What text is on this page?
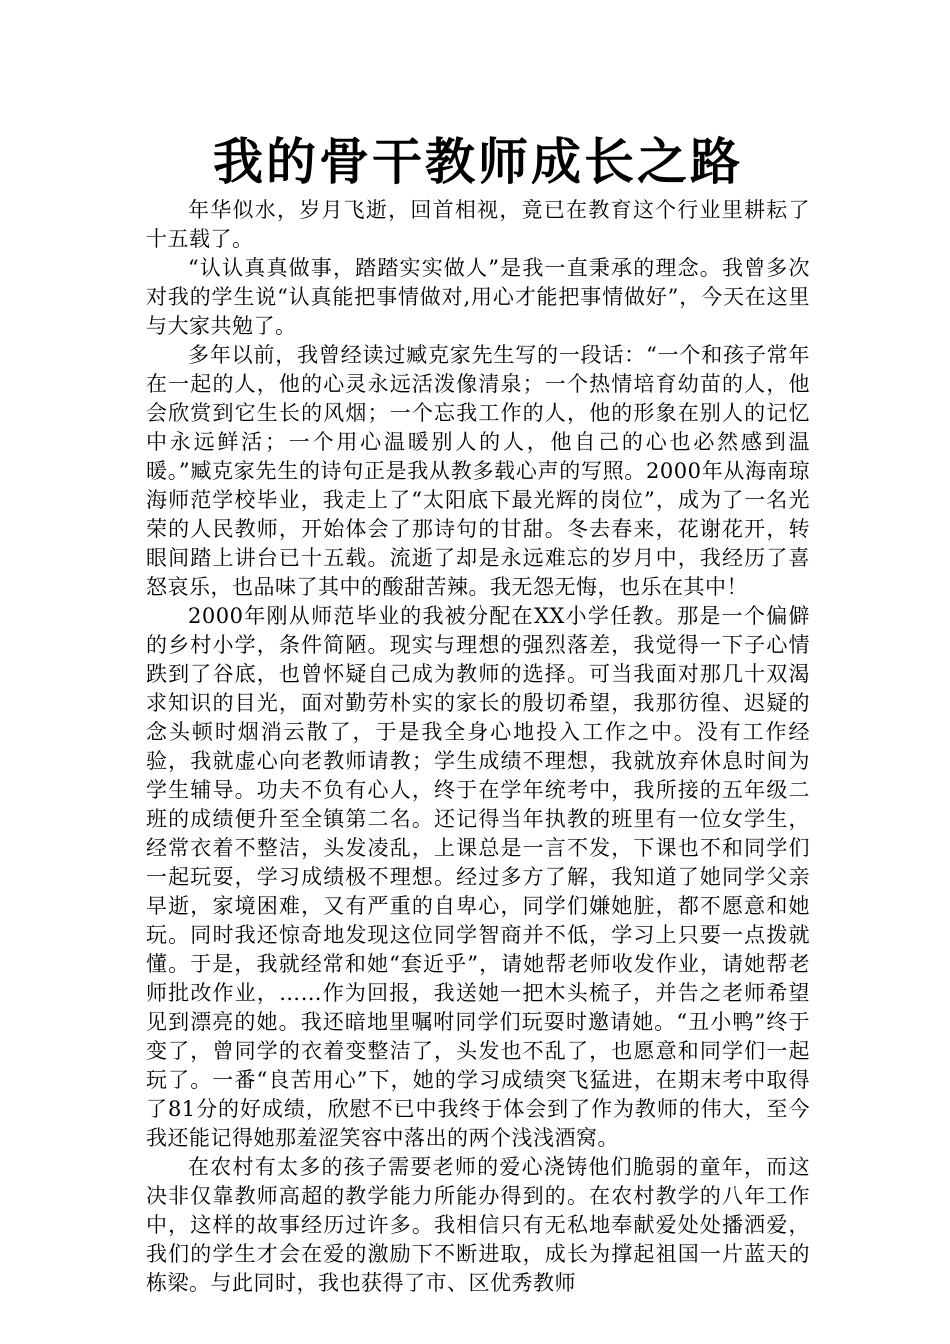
我的骨干教师成长之路

年华似水，岁月飞逝，回首相视，竟已在教育这个行业里耕耘了十五载了。

“认认真真做事，踏踏实实做人”是我一直秉承的理念。我曾多次对我的学生说“认真能把事情做对,用心才能把事情做好”，今天在这里与大家共勉了。

多年以前，我曾经读过臧克家先生写的一段话：“一个和孩子常年在一起的人，他的心灵永远活泼像清泉；一个热情培育幼苗的人，他会欣赏到它生长的风烟；一个忘我工作的人，他的形象在别人的记忆中永远鲜活；一个用心温暖别人的人，他自己的心也必然感到温暖。”臧克家先生的诗句正是我从教多载心声的写照。2000年从海南琼海师范学校毕业，我走上了“太阳底下最光辉的岗位”，成为了一名光荣的人民教师，开始体会了那诗句的甘甜。冬去春来，花谢花开，转眼间踏上讲台已十五载。流逝了却是永远难忘的岁月中，我经历了喜怒哀乐，也品味了其中的酸甜苦辣。我无怨无悔，也乐在其中！

2000年刚从师范毕业的我被分配在XX小学任教。那是一个偏僻的乡村小学，条件简陋。现实与理想的强烈落差，我觉得一下子心情跌到了谷底，也曾怀疑自己成为教师的选择。可当我面对那几十双渴求知识的目光，面对勤劳朴实的家长的殷切希望，我那彷徨、迟疑的念头顿时烟消云散了，于是我全身心地投入工作之中。没有工作经验，我就虚心向老教师请教；学生成绩不理想，我就放弃休息时间为学生辅导。功夫不负有心人，终于在学年统考中，我所接的五年级二班的成绩便升至全镇第二名。还记得当年执教的班里有一位女学生，经常衣着不整洁，头发凌乱，上课总是一言不发，下课也不和同学们一起玩耍，学习成绩极不理想。经过多方了解，我知道了她同学父亲早逝，家境困难，又有严重的自卑心，同学们嫌她脏，都不愿意和她玩。同时我还惊奇地发现这位同学智商并不低，学习上只要一点拨就懂。于是，我就经常和她“套近乎”，请她帮老师收发作业，请她帮老师批改作业，……作为回报，我送她一把木头梳子，并告之老师希望见到漂亮的她。我还暗地里嘱咐同学们玩耍时邀请她。“丑小鸭”终于变了，曾同学的衣着变整洁了，头发也不乱了，也愿意和同学们一起玩了。一番“良苦用心”下，她的学习成绩突飞猛进，在期末考中取得了81分的好成绩，欣慰不已中我终于体会到了作为教师的伟大，至今我还能记得她那羞涩笑容中落出的两个浅浅酒窝。

在农村有太多的孩子需要老师的爱心浇铸他们脆弱的童年，而这决非仅靠教师高超的教学能力所能办得到的。在农村教学的八年工作中，这样的故事经历过许多。我相信只有无私地奉献爱处处播洒爱，我们的学生才会在爱的激励下不断进取，成长为撑起祖国一片蓝天的栋梁。与此同时，我也获得了市、区优秀教师
